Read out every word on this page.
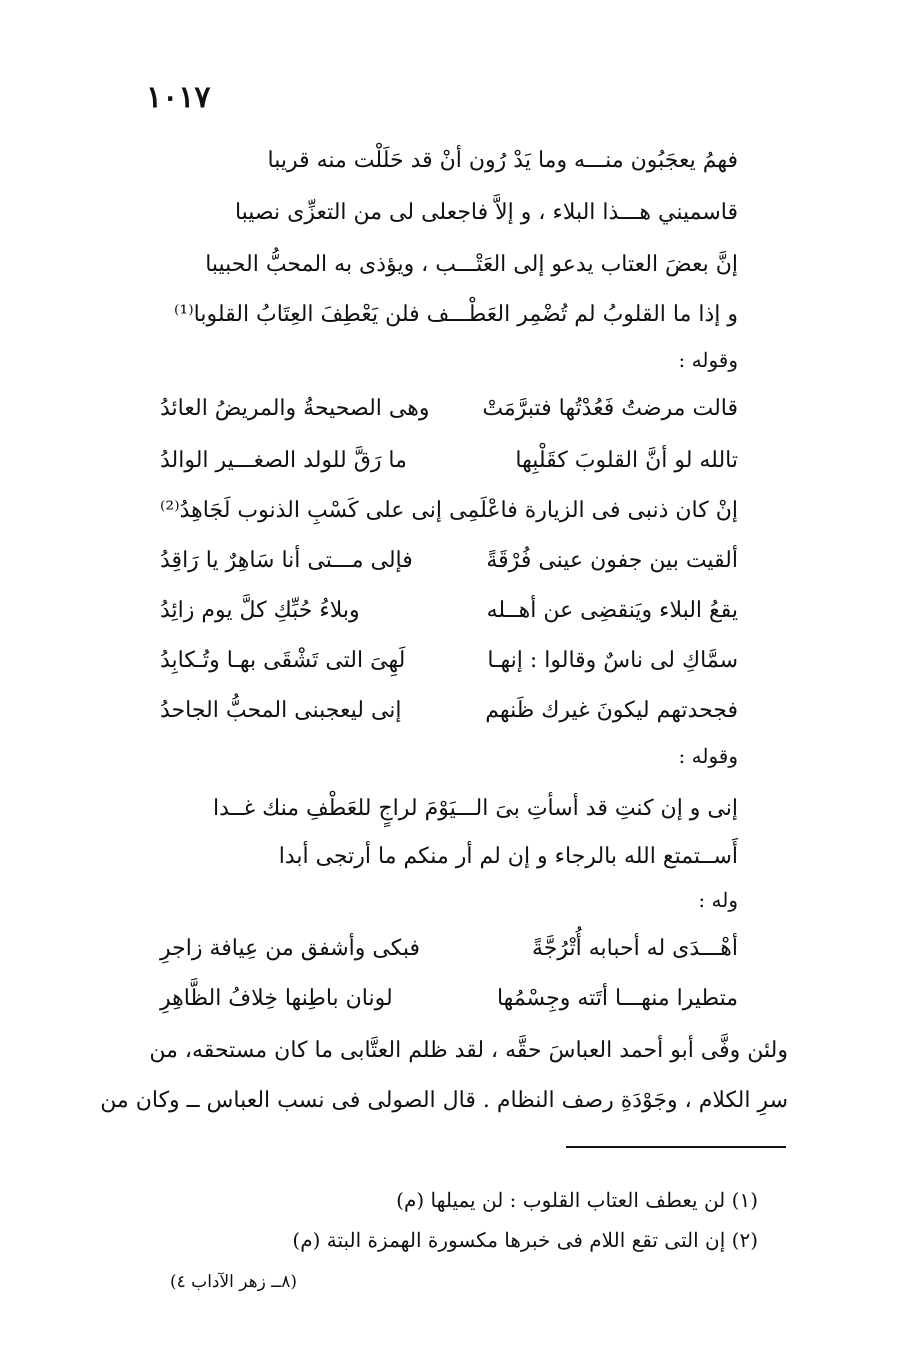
١٠١٧
فهمُ يعجَبُون منـــه وما يَدْ رُون أنْ قد حَلَلْت منه قريبا
قاسميني هـــذا البلاء ، و إلاَّ فاجعلى لى من التعزِّى نصيبا
إنَّ بعضَ العتاب يدعو إلى العَتْـــب ، ويؤذى به المحبُّ الحبيبا
و إذا ما القلوبُ لم تُضْمِر العَطْـــف فلن يَعْطِفَ العِتَابُ القلوبا⁽¹⁾
وقوله :
قالت مرضتُ فَعُدْتُها فتبرَّمَتْ
وهى الصحيحةُ والمريضُ العائدُ
تالله لو أنَّ القلوبَ كقَلْبِها
ما رَقَّ للولد الصغـــير الوالدُ
إنْ كان ذنبى فى الزيارة فاعْلَمِى
إنى على كَسْبِ الذنوب لَجَاهِدُ⁽²⁾
ألقيت بين جفون عينى فُرْقَةً
فإلى مـــتى أنا سَاهِرٌ يا رَاقِدُ
يقعُ البلاء ويَنقضِى عن أهــله
وبلاءُ حُبِّكِ كلَّ يوم زائِدُ
سمَّاكِ لى ناسٌ وقالوا : إنهـا
لَهِىَ التى تَشْقَى بهـا وتُـكابِدُ
فجحدتهم ليكونَ غيرك ظَنهم
إنى ليعجبنى المحبُّ الجاحدُ
وقوله :
إنى و إن كنتِ قد أسأتِ بىَ الـــيَوْمَ لراجٍ للعَطْفِ منك غــدا
أَســتمتع الله بالرجاء و إن لم أر منكم ما أرتجى أبدا
وله :
أهْـــدَى له أحبابه أُتْرُجَّةً
فبكى وأشفق من عِيافة زاجرِ
متطيرا منهـــا أتَته وجِسْمُها
لونان باطِنها خِلافُ الظَّاهِرِ
ولئن وفَّى أبو أحمد العباسَ حقَّه ، لقد ظلم العتَّابى ما كان مستحقه، من
سرِ الكلام ، وجَوْدَةِ رصف النظام . قال الصولى فى نسب العباس ــ وكان من
(١) لن يعطف العتاب القلوب : لن يميلها (م)
(٢) إن التى تقع اللام فى خبرها مكسورة الهمزة البتة (م)
(٨ــ زهر الآداب ٤)
